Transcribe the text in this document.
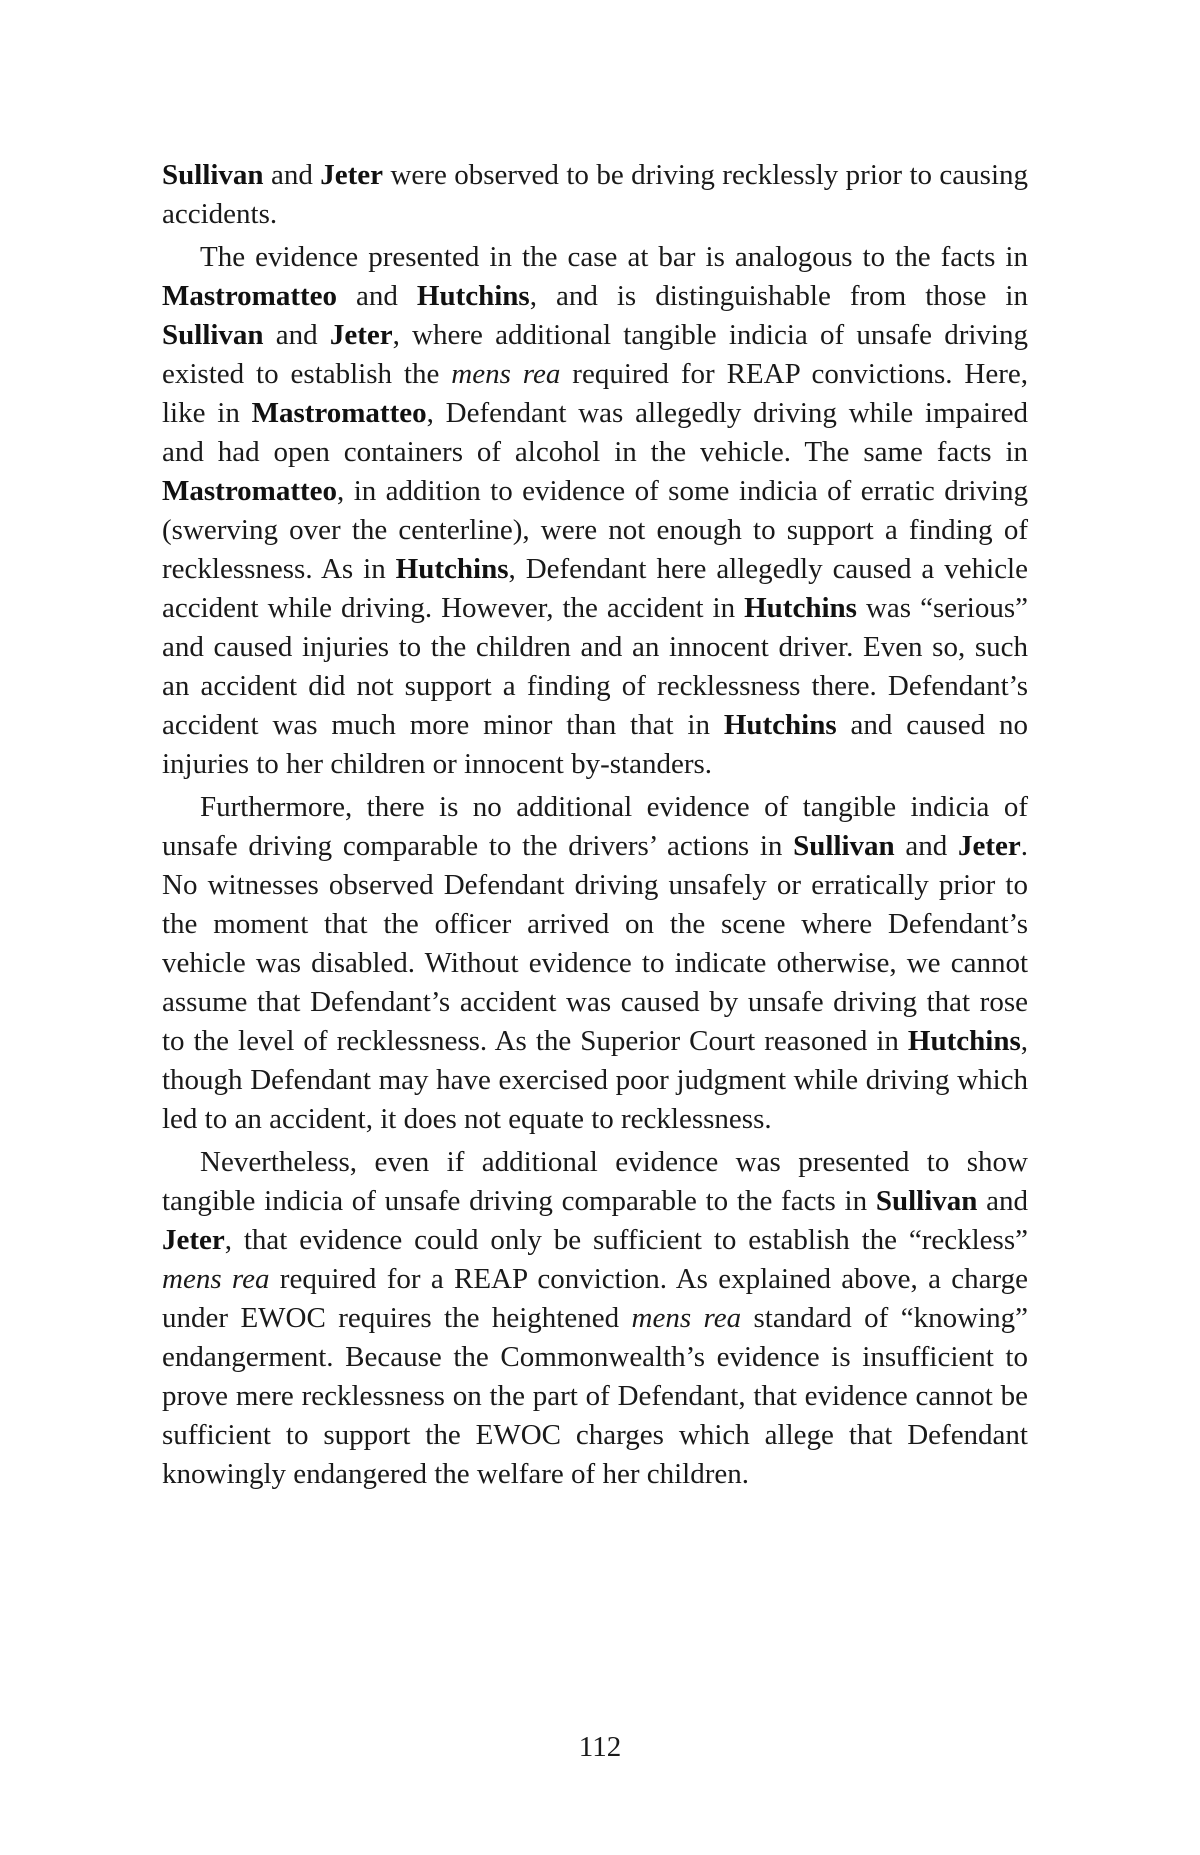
Sullivan and Jeter were observed to be driving recklessly prior to causing accidents.

The evidence presented in the case at bar is analogous to the facts in Mastromatteo and Hutchins, and is distinguishable from those in Sullivan and Jeter, where additional tangible indicia of unsafe driving existed to establish the mens rea required for REAP convictions. Here, like in Mastromatteo, Defendant was allegedly driving while impaired and had open containers of alcohol in the vehicle. The same facts in Mastromatteo, in addition to evidence of some indicia of erratic driving (swerving over the centerline), were not enough to support a finding of recklessness. As in Hutchins, Defendant here allegedly caused a vehicle accident while driving. However, the accident in Hutchins was “serious” and caused injuries to the children and an innocent driver. Even so, such an accident did not support a finding of recklessness there. Defendant’s accident was much more minor than that in Hutchins and caused no injuries to her children or innocent by-standers.

Furthermore, there is no additional evidence of tangible indicia of unsafe driving comparable to the drivers’ actions in Sullivan and Jeter. No witnesses observed Defendant driving unsafely or erratically prior to the moment that the officer arrived on the scene where Defendant’s vehicle was disabled. Without evidence to indicate otherwise, we cannot assume that Defendant’s accident was caused by unsafe driving that rose to the level of recklessness. As the Superior Court reasoned in Hutchins, though Defendant may have exercised poor judgment while driving which led to an accident, it does not equate to recklessness.

Nevertheless, even if additional evidence was presented to show tangible indicia of unsafe driving comparable to the facts in Sullivan and Jeter, that evidence could only be sufficient to establish the “reckless” mens rea required for a REAP conviction. As explained above, a charge under EWOC requires the heightened mens rea standard of “knowing” endangerment. Because the Commonwealth’s evidence is insufficient to prove mere recklessness on the part of Defendant, that evidence cannot be sufficient to support the EWOC charges which allege that Defendant knowingly endangered the welfare of her children.

112
